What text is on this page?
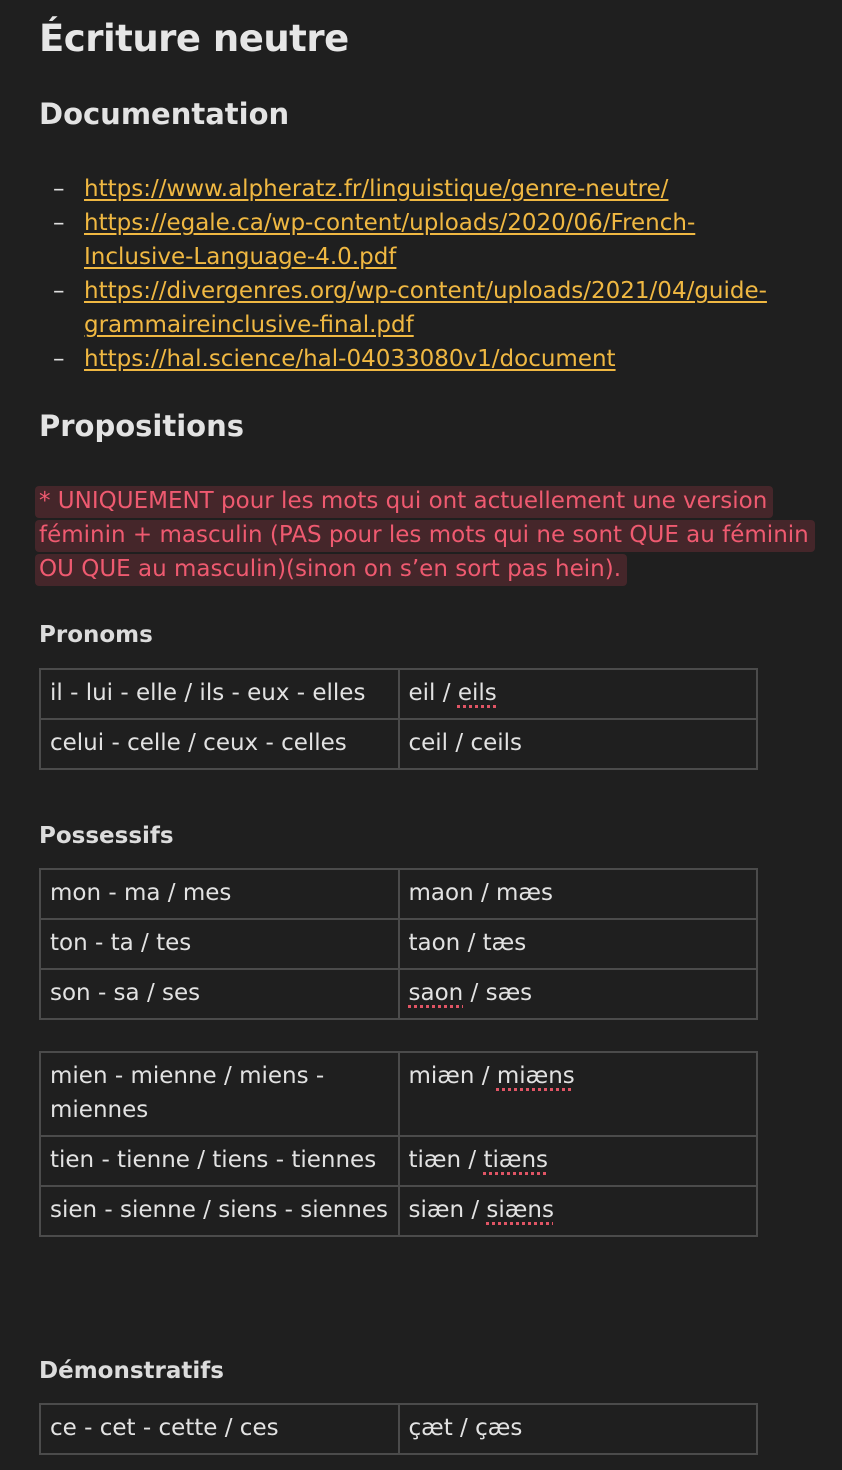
Écriture neutre
Documentation
– https://www.alpheratz.fr/linguistique/genre-neutre/
– https://egale.ca/wp-content/uploads/2020/06/French-Inclusive-Language-4.0.pdf
– https://divergenres.org/wp-content/uploads/2021/04/guide-grammaireinclusive-final.pdf
– https://hal.science/hal-04033080v1/document
Propositions
* UNIQUEMENT pour les mots qui ont actuellement une version féminin + masculin (PAS pour les mots qui ne sont QUE au féminin OU QUE au masculin)(sinon on s’en sort pas hein).
Pronoms
il - lui - elle / ils - eux - elles	eil / eils
celui - celle / ceux - celles	ceil / ceils
Possessifs
mon - ma / mes	maon / mæs
ton - ta / tes	taon / tæs
son - sa / ses	saon / sæs
mien - mienne / miens - miennes	miæn / miæns
tien - tienne / tiens - tiennes	tiæn / tiæns
sien - sienne / siens - siennes	siæn / siæns
Démonstratifs
ce - cet - cette / ces	çæt / çæs
